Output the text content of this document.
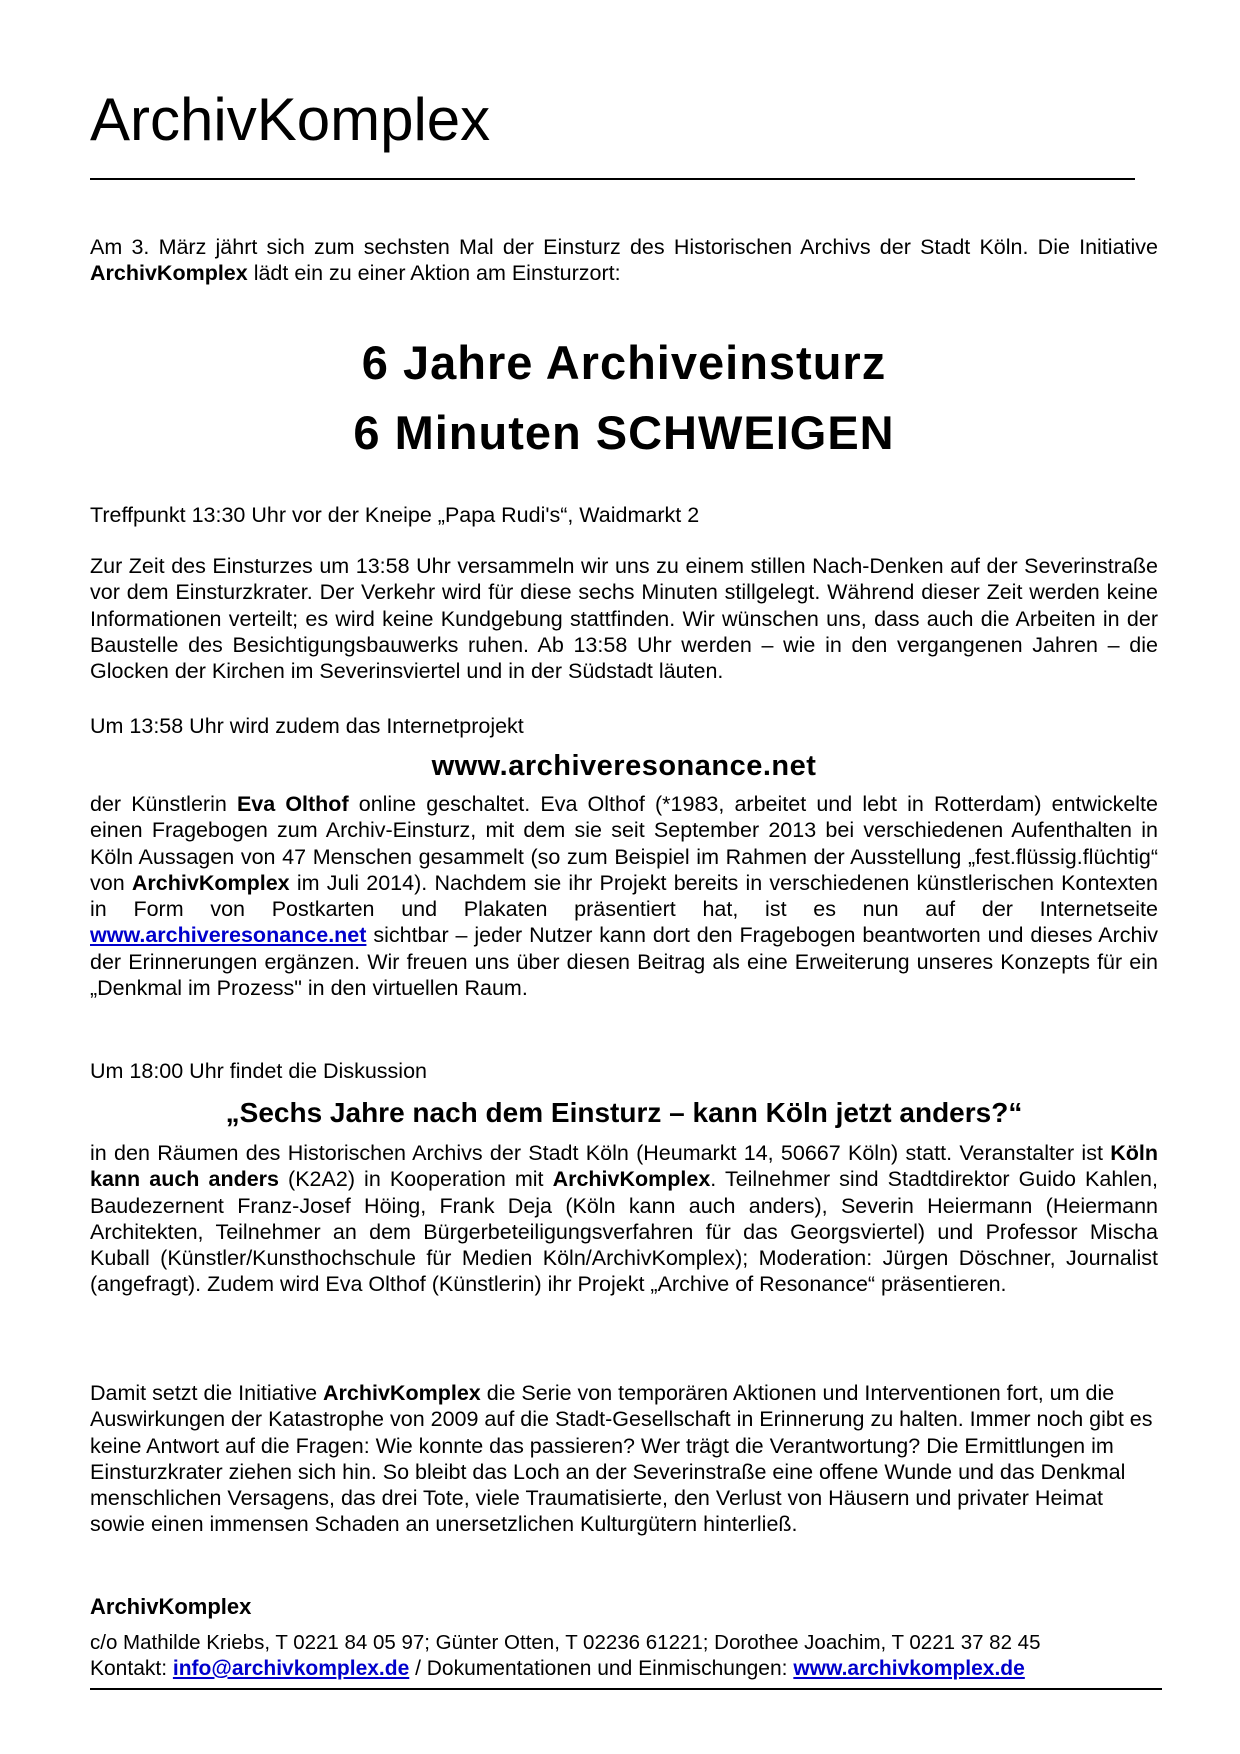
ArchivKomplex

Am 3. März jährt sich zum sechsten Mal der Einsturz des Historischen Archivs der Stadt Köln. Die Initiative ArchivKomplex lädt ein zu einer Aktion am Einsturzort:

6 Jahre Archiveinsturz
6 Minuten SCHWEIGEN

Treffpunkt 13:30 Uhr vor der Kneipe „Papa Rudi's“, Waidmarkt 2

Zur Zeit des Einsturzes um 13:58 Uhr versammeln wir uns zu einem stillen Nach-Denken auf der Severinstraße vor dem Einsturzkrater. Der Verkehr wird für diese sechs Minuten stillgelegt. Während dieser Zeit werden keine Informationen verteilt; es wird keine Kundgebung stattfinden. Wir wünschen uns, dass auch die Arbeiten in der Baustelle des Besichtigungsbauwerks ruhen. Ab 13:58 Uhr werden – wie in den vergangenen Jahren – die Glocken der Kirchen im Severinsviertel und in der Südstadt läuten.

Um 13:58 Uhr wird zudem das Internetprojekt

www.archiveresonance.net

der Künstlerin Eva Olthof online geschaltet. Eva Olthof (*1983, arbeitet und lebt in Rotterdam) entwickelte einen Fragebogen zum Archiv-Einsturz, mit dem sie seit September 2013 bei verschiedenen Aufenthalten in Köln Aussagen von 47 Menschen gesammelt (so zum Beispiel im Rahmen der Ausstellung „fest.flüssig.flüchtig“ von ArchivKomplex im Juli 2014). Nachdem sie ihr Projekt bereits in verschiedenen künstlerischen Kontexten in Form von Postkarten und Plakaten präsentiert hat, ist es nun auf der Internetseite www.archiveresonance.net sichtbar – jeder Nutzer kann dort den Fragebogen beantworten und dieses Archiv der Erinnerungen ergänzen. Wir freuen uns über diesen Beitrag als eine Erweiterung unseres Konzepts für ein „Denkmal im Prozess" in den virtuellen Raum.

Um 18:00 Uhr findet die Diskussion

„Sechs Jahre nach dem Einsturz – kann Köln jetzt anders?“

in den Räumen des Historischen Archivs der Stadt Köln (Heumarkt 14, 50667 Köln) statt. Veranstalter ist Köln kann auch anders (K2A2) in Kooperation mit ArchivKomplex. Teilnehmer sind Stadtdirektor Guido Kahlen, Baudezernent Franz-Josef Höing, Frank Deja (Köln kann auch anders), Severin Heiermann (Heiermann Architekten, Teilnehmer an dem Bürgerbeteiligungsverfahren für das Georgsviertel) und Professor Mischa Kuball (Künstler/Kunsthochschule für Medien Köln/ArchivKomplex); Moderation: Jürgen Döschner, Journalist (angefragt). Zudem wird Eva Olthof (Künstlerin) ihr Projekt „Archive of Resonance“ präsentieren.

Damit setzt die Initiative ArchivKomplex die Serie von temporären Aktionen und Interventionen fort, um die Auswirkungen der Katastrophe von 2009 auf die Stadt-Gesellschaft in Erinnerung zu halten. Immer noch gibt es keine Antwort auf die Fragen: Wie konnte das passieren? Wer trägt die Verantwortung? Die Ermittlungen im Einsturzkrater ziehen sich hin. So bleibt das Loch an der Severinstraße eine offene Wunde und das Denkmal menschlichen Versagens, das drei Tote, viele Traumatisierte, den Verlust von Häusern und privater Heimat sowie einen immensen Schaden an unersetzlichen Kulturgütern hinterließ.

ArchivKomplex

c/o Mathilde Kriebs, T 0221 84 05 97; Günter Otten, T 02236 61221; Dorothee Joachim, T 0221 37 82 45

Kontakt: info@archivkomplex.de / Dokumentationen und Einmischungen: www.archivkomplex.de
